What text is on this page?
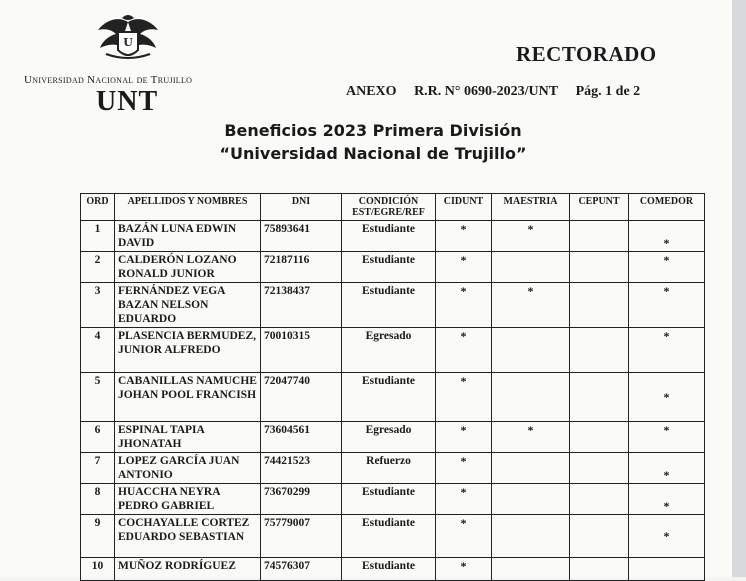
U
Universidad Nacional de Trujillo
UNT
RECTORADO
ANEXO R.R. N° 0690-2023/UNT Pág. 1 de 2
Beneficios 2023 Primera División
“Universidad Nacional de Trujillo”
ORD	APELLIDOS Y NOMBRES	DNI	CONDICIÓN
EST/EGRE/REF	CIDUNT	MAESTRIA	CEPUNT	COMEDOR
1	BAZÁN LUNA EDWIN DAVID	75893641	Estudiante	*	*		*
2	CALDERÓN LOZANO RONALD JUNIOR	72187116	Estudiante	*			*
3	FERNÁNDEZ VEGA BAZAN NELSON EDUARDO	72138437	Estudiante	*	*		*
4	PLASENCIA BERMUDEZ, JUNIOR ALFREDO	70010315	Egresado	*			*
5	CABANILLAS NAMUCHE JOHAN POOL FRANCISH	72047740	Estudiante	*			*
6	ESPINAL TAPIA JHONATAH	73604561	Egresado	*	*		*
7	LOPEZ GARCÍA JUAN ANTONIO	74421523	Refuerzo	*			*
8	HUACCHA NEYRA PEDRO GABRIEL	73670299	Estudiante	*			*
9	COCHAYALLE CORTEZ EDUARDO SEBASTIAN	75779007	Estudiante	*			*
10	MUÑOZ RODRÍGUEZ	74576307	Estudiante	*			
